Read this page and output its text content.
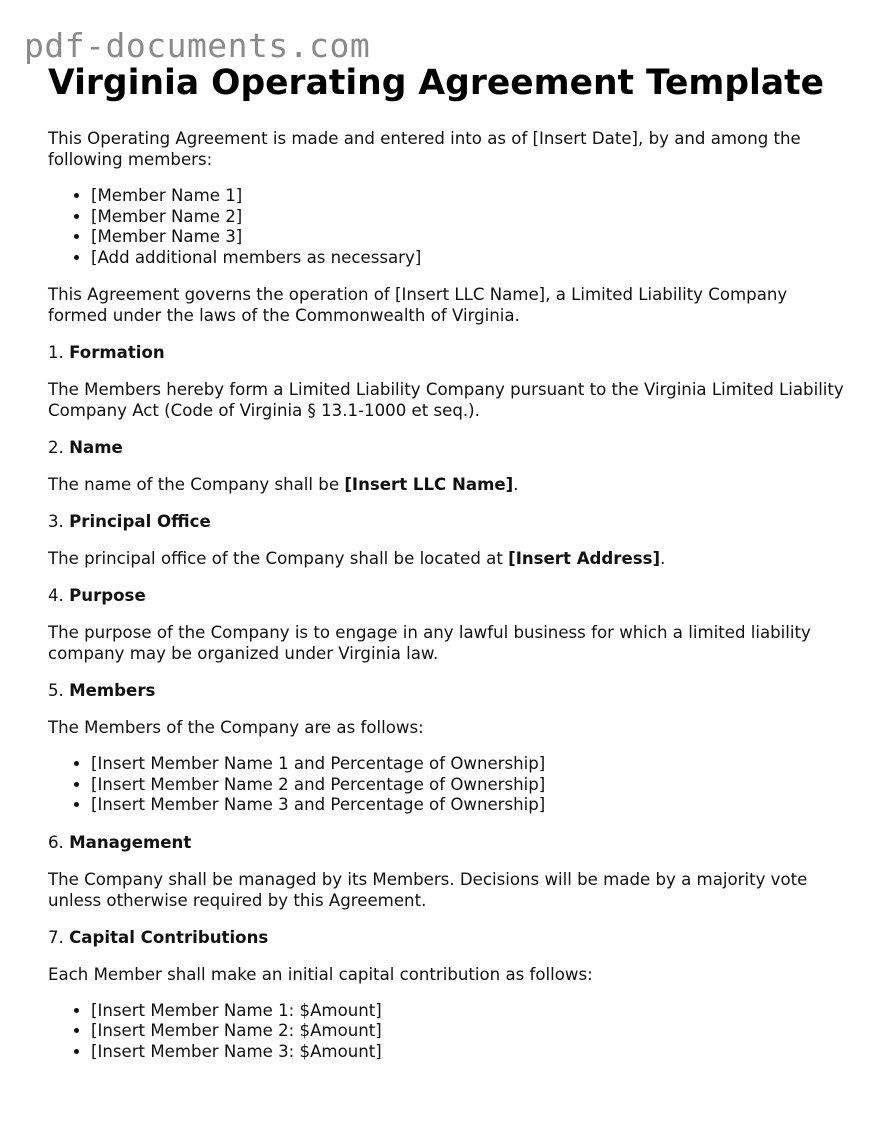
pdf-documents.com
Virginia Operating Agreement Template

This Operating Agreement is made and entered into as of [Insert Date], by and among the following members:

• [Member Name 1]
• [Member Name 2]
• [Member Name 3]
• [Add additional members as necessary]

This Agreement governs the operation of [Insert LLC Name], a Limited Liability Company formed under the laws of the Commonwealth of Virginia.

1. Formation

The Members hereby form a Limited Liability Company pursuant to the Virginia Limited Liability Company Act (Code of Virginia § 13.1-1000 et seq.).

2. Name

The name of the Company shall be [Insert LLC Name].

3. Principal Office

The principal office of the Company shall be located at [Insert Address].

4. Purpose

The purpose of the Company is to engage in any lawful business for which a limited liability company may be organized under Virginia law.

5. Members

The Members of the Company are as follows:

• [Insert Member Name 1 and Percentage of Ownership]
• [Insert Member Name 2 and Percentage of Ownership]
• [Insert Member Name 3 and Percentage of Ownership]
6. Management

The Company shall be managed by its Members. Decisions will be made by a majority vote unless otherwise required by this Agreement.

7. Capital Contributions

Each Member shall make an initial capital contribution as follows:

• [Insert Member Name 1: $Amount]
• [Insert Member Name 2: $Amount]
• [Insert Member Name 3: $Amount]
